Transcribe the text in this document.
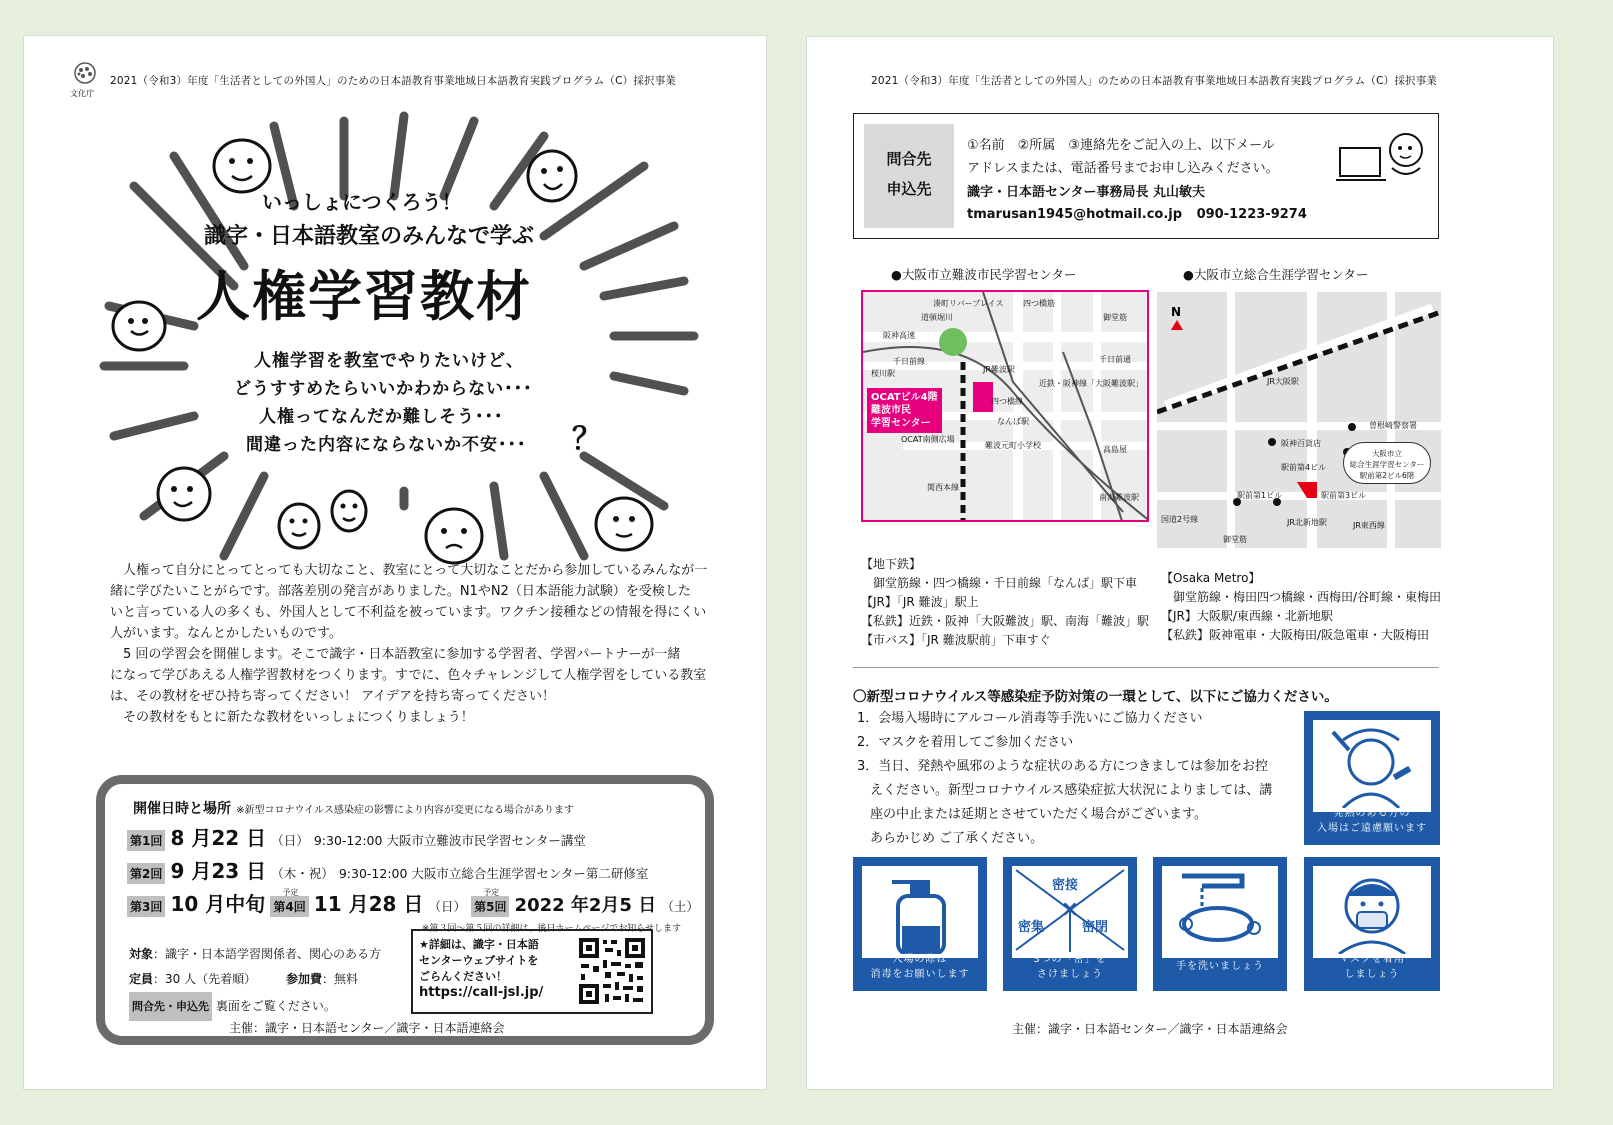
文化庁
2021（令和3）年度「生活者としての外国人」のための日本語教育事業地域日本語教育実践プログラム（C）採択事業
？
いっしょにつくろう！
識字・日本語教室のみんなで学ぶ
人権学習教材
人権学習を教室でやりたいけど、
どうすすめたらいいかわからない･･･
人権ってなんだか難しそう･･･
間違った内容にならないか不安･･･

　人権って自分にとってとっても大切なこと、教室にとって大切なことだから参加しているみんなが一

緒に学びたいことがらです。部落差別の発言がありました。N1やN2（日本語能力試験）を受検した

いと言っている人の多くも、外国人として不利益を被っています。ワクチン接種などの情報を得にくい

人がいます。なんとかしたいものです。

　5 回の学習会を開催します。そこで識字・日本語教室に参加する学習者、学習パートナーが一緒

になって学びあえる人権学習教材をつくります。すでに、色々チャレンジして人権学習をしている教室

は、その教材をぜひ持ち寄ってください！ アイデアを持ち寄ってください！

　その教材をもとに新たな教材をいっしょにつくりましょう！

開催日時と場所 ※新型コロナウイルス感染症の影響により内容が変更になる場合があります
第1回 8 月22 日 （日） 9:30-12:00 大阪市立難波市民学習センター講堂
第2回 9 月23 日 （木・祝） 9:30-12:00 大阪市立総合生涯学習センター第二研修室
第3回 10 月中旬 予定
第4回 11 月28 日 （日）
予定
第5回 2022 年2月5 日 （土）
※第３回～第５回の詳細は、後日ホームページでお知らせします
対象：識字・日本語学習関係者、関心のある方
定員：30 人（先着順） 参加費：無料
問合先・申込先 裏面をご覧ください。
★詳細は、識字・日本語
センターウェブサイトを
ごらんください！
https://call-jsl.jp/
主催：識字・日本語センター／識字・日本語連絡会
2021（令和3）年度「生活者としての外国人」のための日本語教育事業地域日本語教育実践プログラム（C）採択事業
問合先
申込先
①名前　②所属　③連絡先をご記入の上、以下メール
アドレスまたは、電話番号までお申し込みください。
識字・日本語センター事務局長 丸山敏夫
tmarusan1945@hotmail.co.jp 090-1223-9274
●大阪市立難波市民学習センター
OCATビル4階
難波市民
学習センター
湊町リバープレイス
道頓堀川
四つ橋筋
御堂筋
阪神高速
千日前線	千日前通
桜川駅	JR難波駅
四つ橋線
なんば駅
近鉄・阪神線「大阪難波駅」
OCAT南側広場
難波元町小学校	高島屋
関西本線
南海難波駅
●大阪市立総合生涯学習センター
N
大阪市立
総合生涯学習センター
駅前第2ビル6階
JR大阪駅
阪神百貨店
駅前第4ビル
駅前第1ビル	駅前第3ビル
JR北新地駅	JR東西線
国道2号線
曽根崎警察署
御堂筋
【地下鉄】
　御堂筋線・四つ橋線・千日前線「なんば」駅下車
【JR】「JR 難波」駅上
【私鉄】近鉄・阪神「大阪難波」駅、南海「難波」駅
【市バス】「JR 難波駅前」下車すぐ
【Osaka Metro】
　御堂筋線・梅田四つ橋線・西梅田/谷町線・東梅田
【JR】大阪駅/東西線・北新地駅
【私鉄】阪神電車・大阪梅田/阪急電車・大阪梅田
〇新型コロナウイルス等感染症予防対策の一環として、以下にご協力ください。
1．会場入場時にアルコール消毒等手洗いにご協力ください
2．マスクを着用してご参加ください
3．当日、発熱や風邪のような症状のある方につきましては参加をお控
　えください。新型コロナウイルス感染症拡大状況によりましては、講
　座の中止または延期とさせていただく場合がございます。
　あらかじめ ご了承ください。
発熱のある方の
入場はご遠慮願います
入場の際は
消毒をお願いします
×
密接
密集	密閉
3つの「密」を
さけましょう
手を洗いましょう
マスクを着用
しましょう
主催：識字・日本語センター／識字・日本語連絡会
